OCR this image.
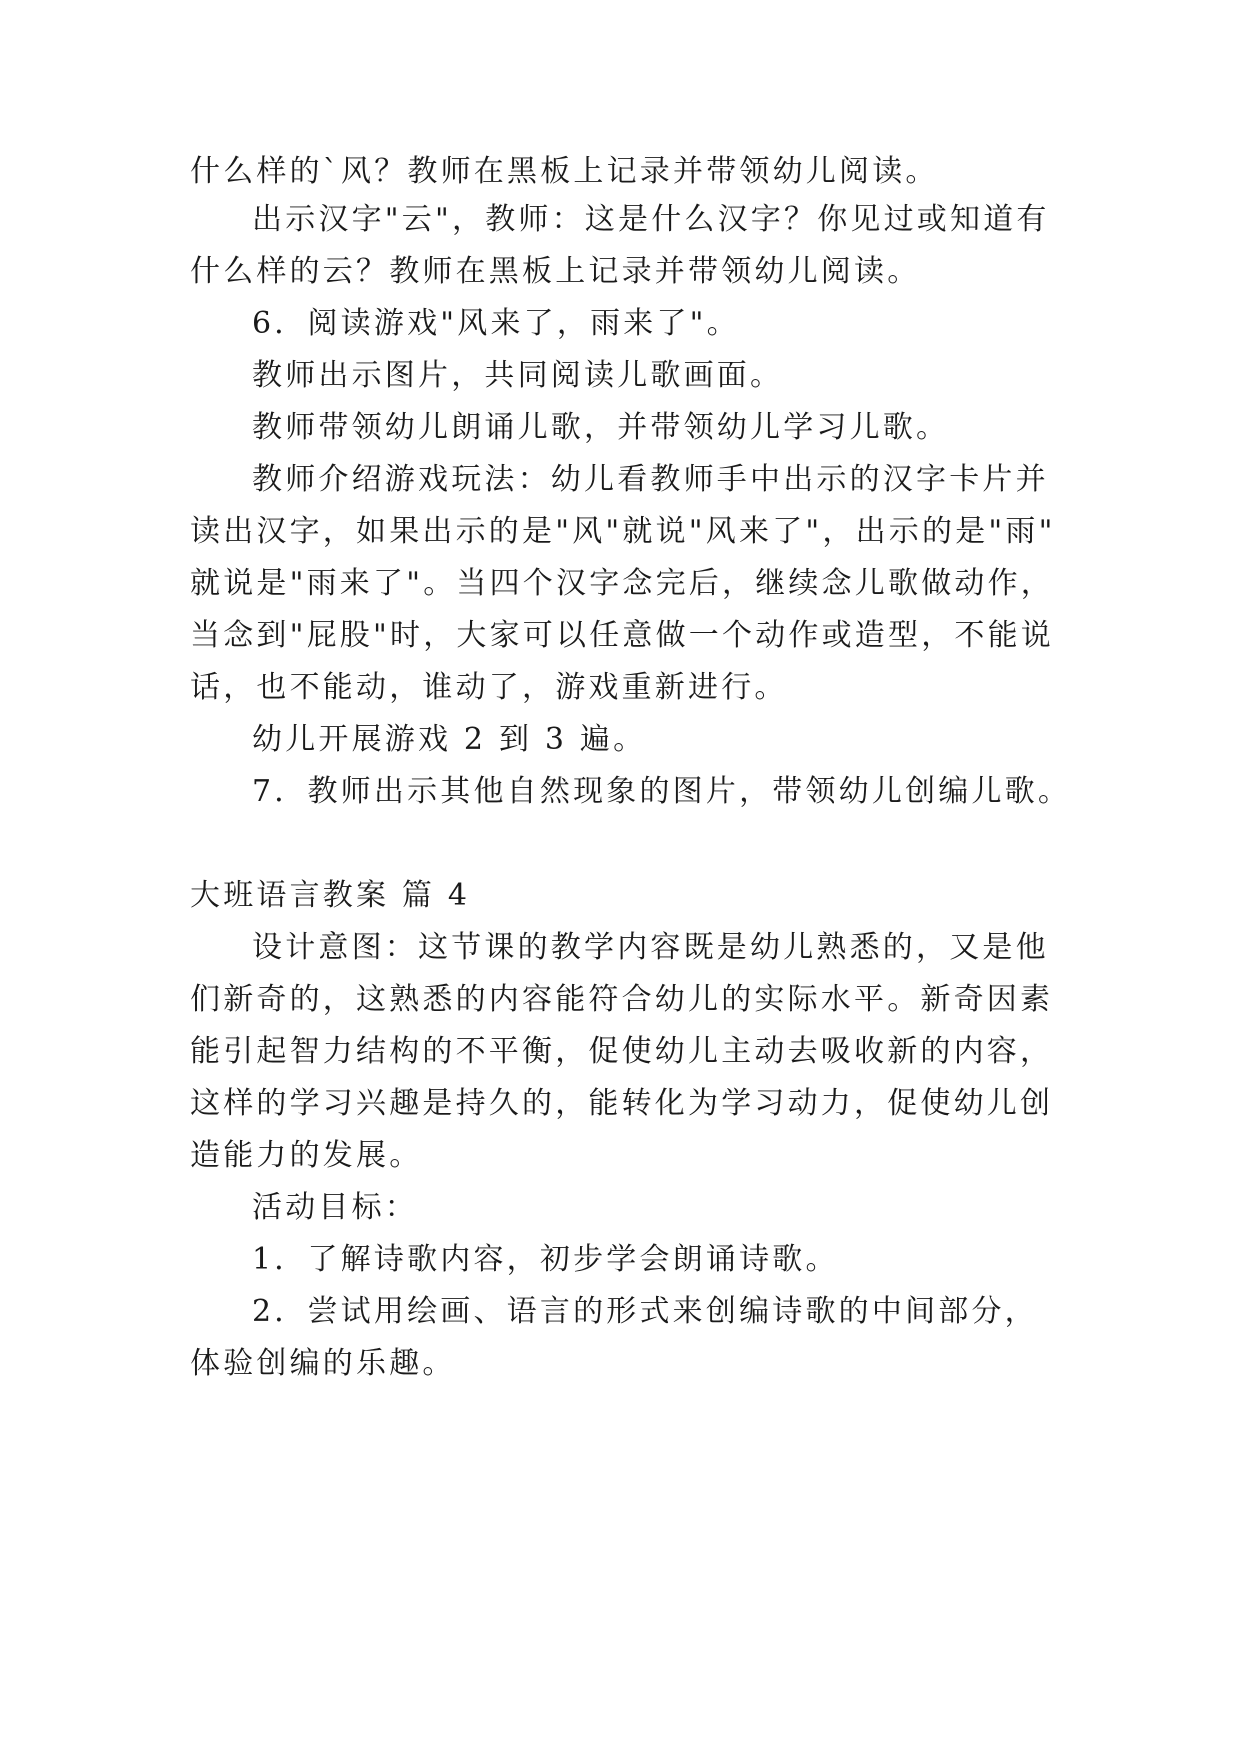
什么样的`风？教师在黑板上记录并带领幼儿阅读。
出示汉字"云"，教师：这是什么汉字？你见过或知道有
什么样的云？教师在黑板上记录并带领幼儿阅读。
6．阅读游戏"风来了，雨来了"。
教师出示图片，共同阅读儿歌画面。
教师带领幼儿朗诵儿歌，并带领幼儿学习儿歌。
教师介绍游戏玩法：幼儿看教师手中出示的汉字卡片并
读出汉字，如果出示的是"风"就说"风来了"，出示的是"雨"
就说是"雨来了"。当四个汉字念完后，继续念儿歌做动作，
当念到"屁股"时，大家可以任意做一个动作或造型，不能说
话，也不能动，谁动了，游戏重新进行。
幼儿开展游戏 2 到 3 遍。
7．教师出示其他自然现象的图片，带领幼儿创编儿歌。
大班语言教案 篇 4
设计意图：这节课的教学内容既是幼儿熟悉的，又是他
们新奇的，这熟悉的内容能符合幼儿的实际水平。新奇因素
能引起智力结构的不平衡，促使幼儿主动去吸收新的内容，
这样的学习兴趣是持久的，能转化为学习动力，促使幼儿创
造能力的发展。
活动目标：
1．了解诗歌内容，初步学会朗诵诗歌。
2．尝试用绘画、语言的形式来创编诗歌的中间部分，
体验创编的乐趣。
